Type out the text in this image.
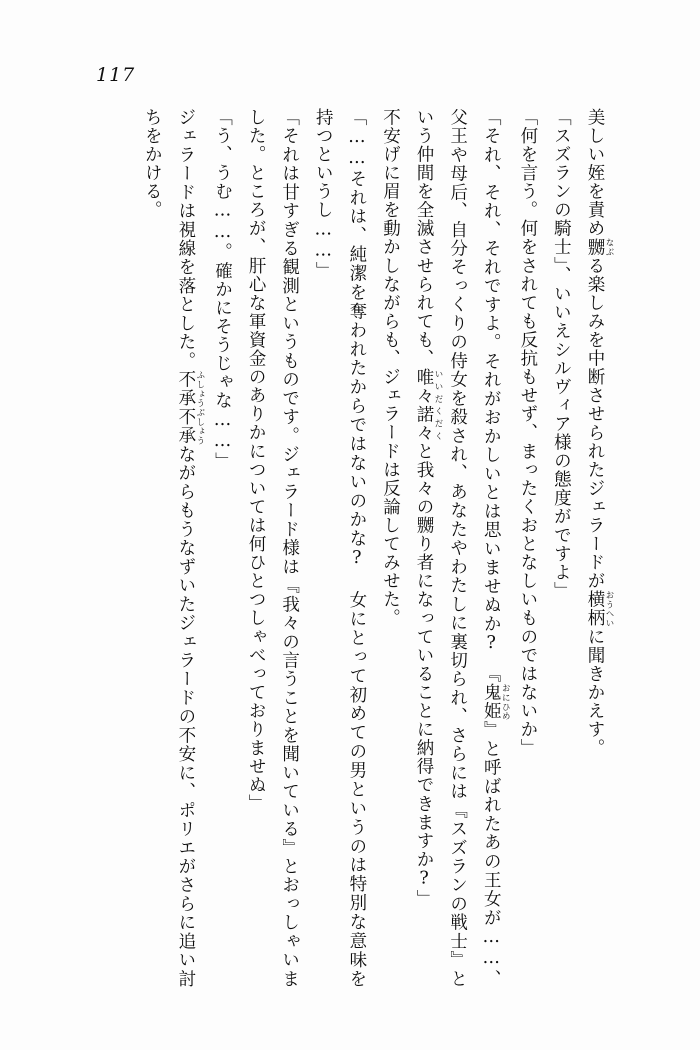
117

美しい姪を責め嬲 なぶる楽しみを中断させられたジェラードが横柄 おうへいに聞きかえす。

「スズランの騎士」、いいえシルヴィア様の態度がですよ」

「何を言う。何をされても反抗もせず、まったくおとなしいものではないか」

「それ、それ、それですよ。それがおかしいとは思いませぬか?　『鬼姫 おにひめ』と呼ばれたあの王女が……、父王や母后、自分そっくりの侍女を殺され、あなたやわたしに裏切られ、さらには『スズランの戦士』という仲間を全滅させられても、唯々諾々 いいだくだくと我々の嬲り者になっていることに納得できますか?」

不安げに眉を動かしながらも、ジェラードは反論してみせた。

「……それは、純潔を奪われたからではないのかな? 女にとって初めての男というのは特別な意味を持つというし……」

「それは甘すぎる観測というものです。ジェラード様は『我々の言うことを聞いている』とおっしゃいました。ところが、肝心な軍資金のありかについては何ひとつしゃべっておりませぬ」

「う、うむ……。確かにそうじゃな……」

ジェラードは視線を落とした。不承不承 ふしょうぶしょうながらもうなずいたジェラードの不安に、ポリエがさらに追い討ちをかける。
